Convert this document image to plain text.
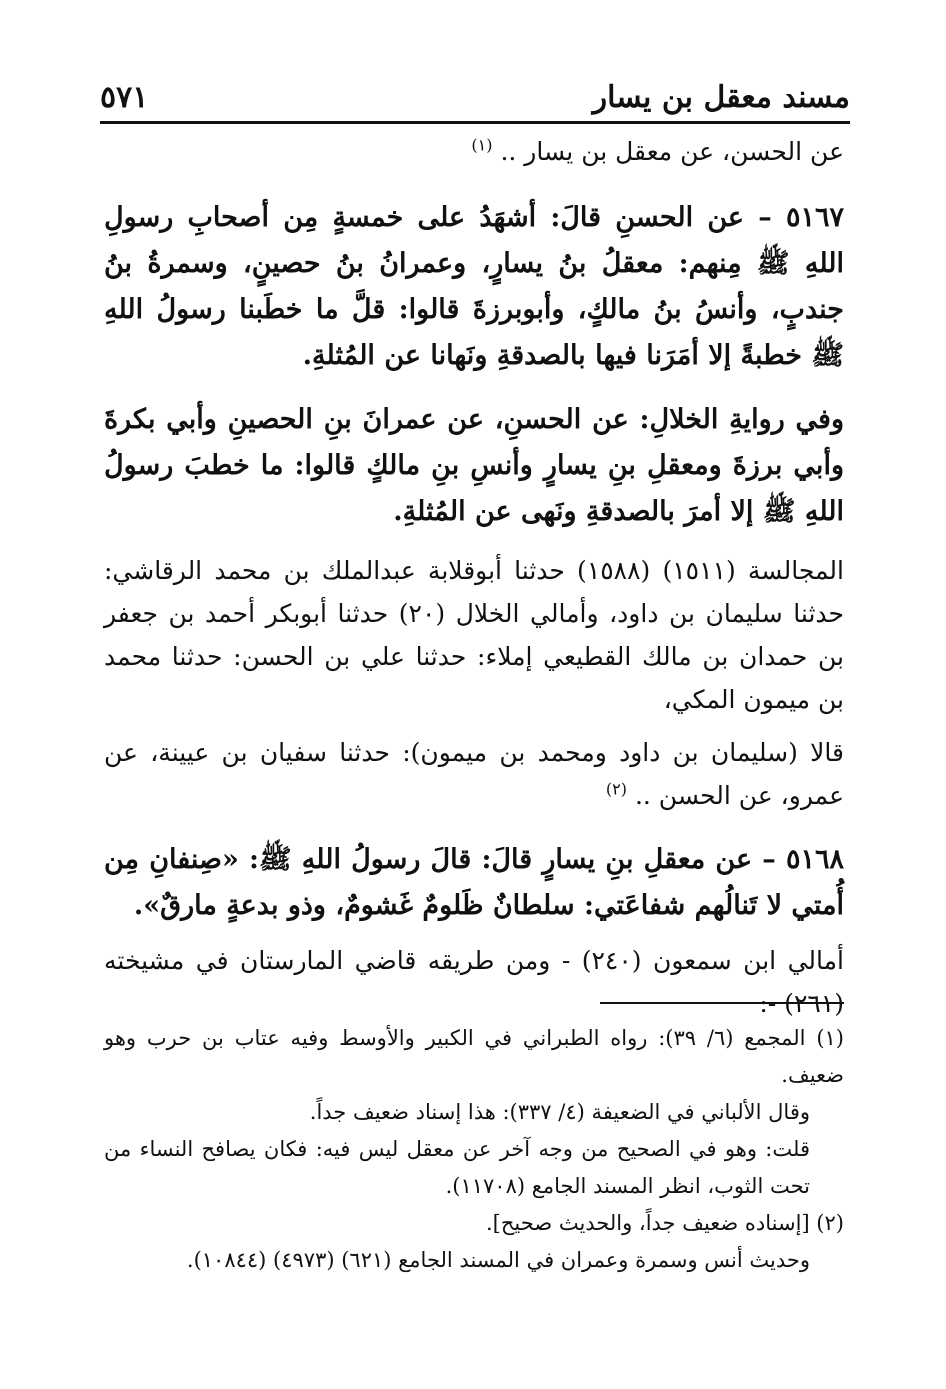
مسند معقل بن يسار
٥٧١

عن الحسن، عن معقل بن يسار .. $^{(١)}$

٥١٦٧ – عن الحسنِ قالَ: أشهَدُ على خمسةٍ مِن أصحابِ رسولِ اللهِ ﷺ مِنهم: معقلُ بنُ يسارٍ، وعمرانُ بنُ حصينٍ، وسمرةُ بنُ جندبٍ، وأنسُ بنُ مالكٍ، وأبوبرزةَ قالوا: قلَّ ما خطَبنا رسولُ اللهِ ﷺ خطبةً إلا أمَرَنا فيها بالصدقةِ ونَهانا عن المُثلةِ.

وفي روايةِ الخلالِ: عن الحسنِ، عن عمرانَ بنِ الحصينِ وأبي بكرةَ وأبي برزةَ ومعقلِ بنِ يسارٍ وأنسِ بنِ مالكٍ قالوا: ما خطبَ رسولُ اللهِ ﷺ إلا أمرَ بالصدقةِ ونَهى عن المُثلةِ.

المجالسة (١٥١١) (١٥٨٨) حدثنا أبوقلابة عبدالملك بن محمد الرقاشي: حدثنا سليمان بن داود، وأمالي الخلال (٢٠) حدثنا أبوبكر أحمد بن جعفر بن حمدان بن مالك القطيعي إملاء: حدثنا علي بن الحسن: حدثنا محمد بن ميمون المكي،

قالا (سليمان بن داود ومحمد بن ميمون): حدثنا سفيان بن عيينة، عن عمرو، عن الحسن .. $^{(٢)}$

٥١٦٨ – عن معقلِ بنِ يسارٍ قالَ: قالَ رسولُ اللهِ ﷺ: «صِنفانِ مِن أُمتي لا تَنالُهم شفاعَتي: سلطانٌ ظَلومٌ غَشومٌ، وذو بدعةٍ مارقٌ».

أمالي ابن سمعون (٢٤٠) - ومن طريقه قاضي المارستان في مشيخته (٢٦١) -:

(١) المجمع (٦/ ٣٩): رواه الطبراني في الكبير والأوسط وفيه عتاب بن حرب وهو ضعيف.

وقال الألباني في الضعيفة (٤/ ٣٣٧): هذا إسناد ضعيف جداً.

قلت: وهو في الصحيح من وجه آخر عن معقل ليس فيه: فكان يصافح النساء من تحت الثوب، انظر المسند الجامع (١١٧٠٨).

(٢) [إسناده ضعيف جداً، والحديث صحيح].

وحديث أنس وسمرة وعمران في المسند الجامع (٦٢١) (٤٩٧٣) (١٠٨٤٤).
